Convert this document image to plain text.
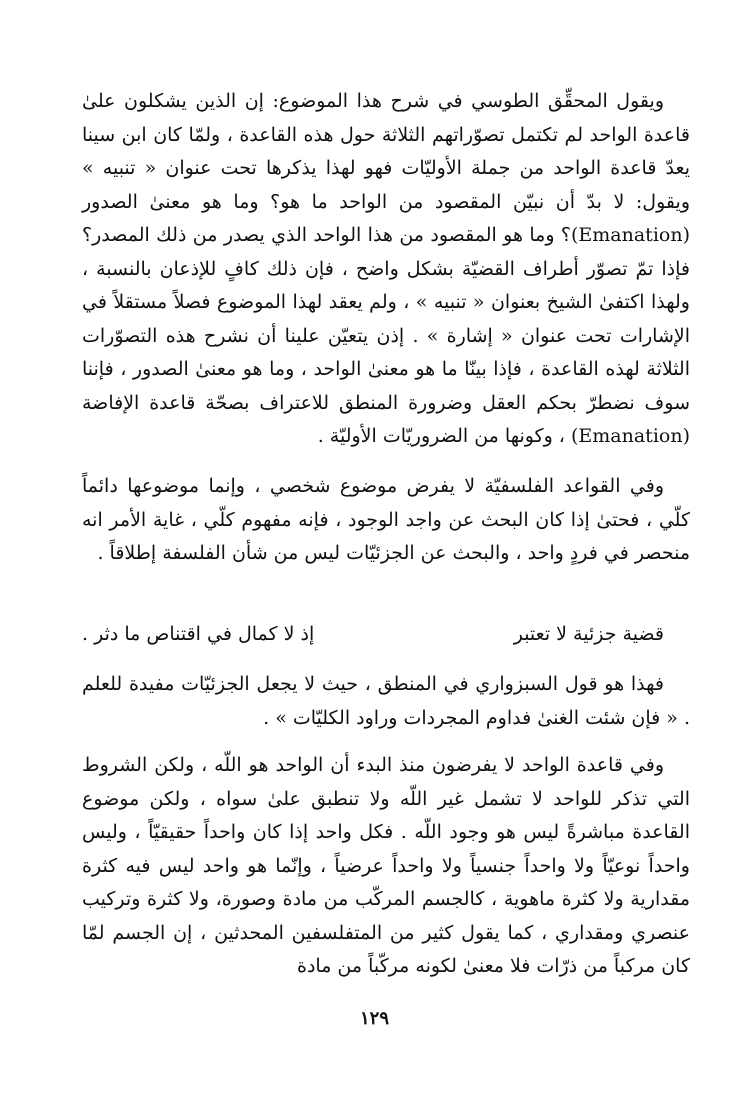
ويقول المحقِّق الطوسي في شرح هذا الموضوع: إن الذين يشكلون علىٰ قاعدة الواحد لم تكتمل تصوّراتهم الثلاثة حول هذه القاعدة ، ولمّا كان ابن سينا يعدّ قاعدة الواحد من جملة الأوليّات فهو لهذا يذكرها تحت عنوان « تنبيه » ويقول: لا بدّ أن نبيّن المقصود من الواحد ما هو؟ وما هو معنىٰ الصدور (Emanation)؟ وما هو المقصود من هذا الواحد الذي يصدر من ذلك المصدر؟ فإذا تمّ تصوّر أطراف القضيّة بشكل واضح ، فإن ذلك كافٍ للإذعان بالنسبة ، ولهذا اكتفىٰ الشيخ بعنوان « تنبيه » ، ولم يعقد لهذا الموضوع فصلاً مستقلاً في الإشارات تحت عنوان « إشارة » . إذن يتعيّن علينا أن نشرح هذه التصوّرات الثلاثة لهذه القاعدة ، فإذا بينّا ما هو معنىٰ الواحد ، وما هو معنىٰ الصدور ، فإننا سوف نضطرّ بحكم العقل وضرورة المنطق للاعتراف بصحّة قاعدة الإفاضة (Emanation) ، وكونها من الضروريّات الأوليّة .

وفي القواعد الفلسفيّة لا يفرض موضوع شخصي ، وإنما موضوعها دائماً كلّي ، فحتىٰ إذا كان البحث عن واجد الوجود ، فإنه مفهوم كلّي ، غاية الأمر انه منحصر في فردٍ واحد ، والبحث عن الجزئيّات ليس من شأن الفلسفة إطلاقاً .

قضية جزئية لا تعتبر
إذ لا كمال في اقتناص ما دثر .

فهذا هو قول السبزواري في المنطق ، حيث لا يجعل الجزئيّات مفيدة للعلم . « فإن شئت الغنىٰ فداوم المجردات وراود الكليّات » .

وفي قاعدة الواحد لا يفرضون منذ البدء أن الواحد هو اللّه ، ولكن الشروط التي تذكر للواحد لا تشمل غير اللّه ولا تنطبق علىٰ سواه ، ولكن موضوع القاعدة مباشرةً ليس هو وجود اللّه . فكل واحد إذا كان واحداً حقيقيّاً ، وليس واحداً نوعيّاً ولا واحداً جنسياً ولا واحداً عرضياً ، وإنّما هو واحد ليس فيه كثرة مقدارية ولا كثرة ماهوية ، كالجسم المركّب من مادة وصورة، ولا كثرة وتركيب عنصري ومقداري ، كما يقول كثير من المتفلسفين المحدثين ، إن الجسم لمّا كان مركباً من ذرّات فلا معنىٰ لكونه مركّباً من مادة

١٢٩
